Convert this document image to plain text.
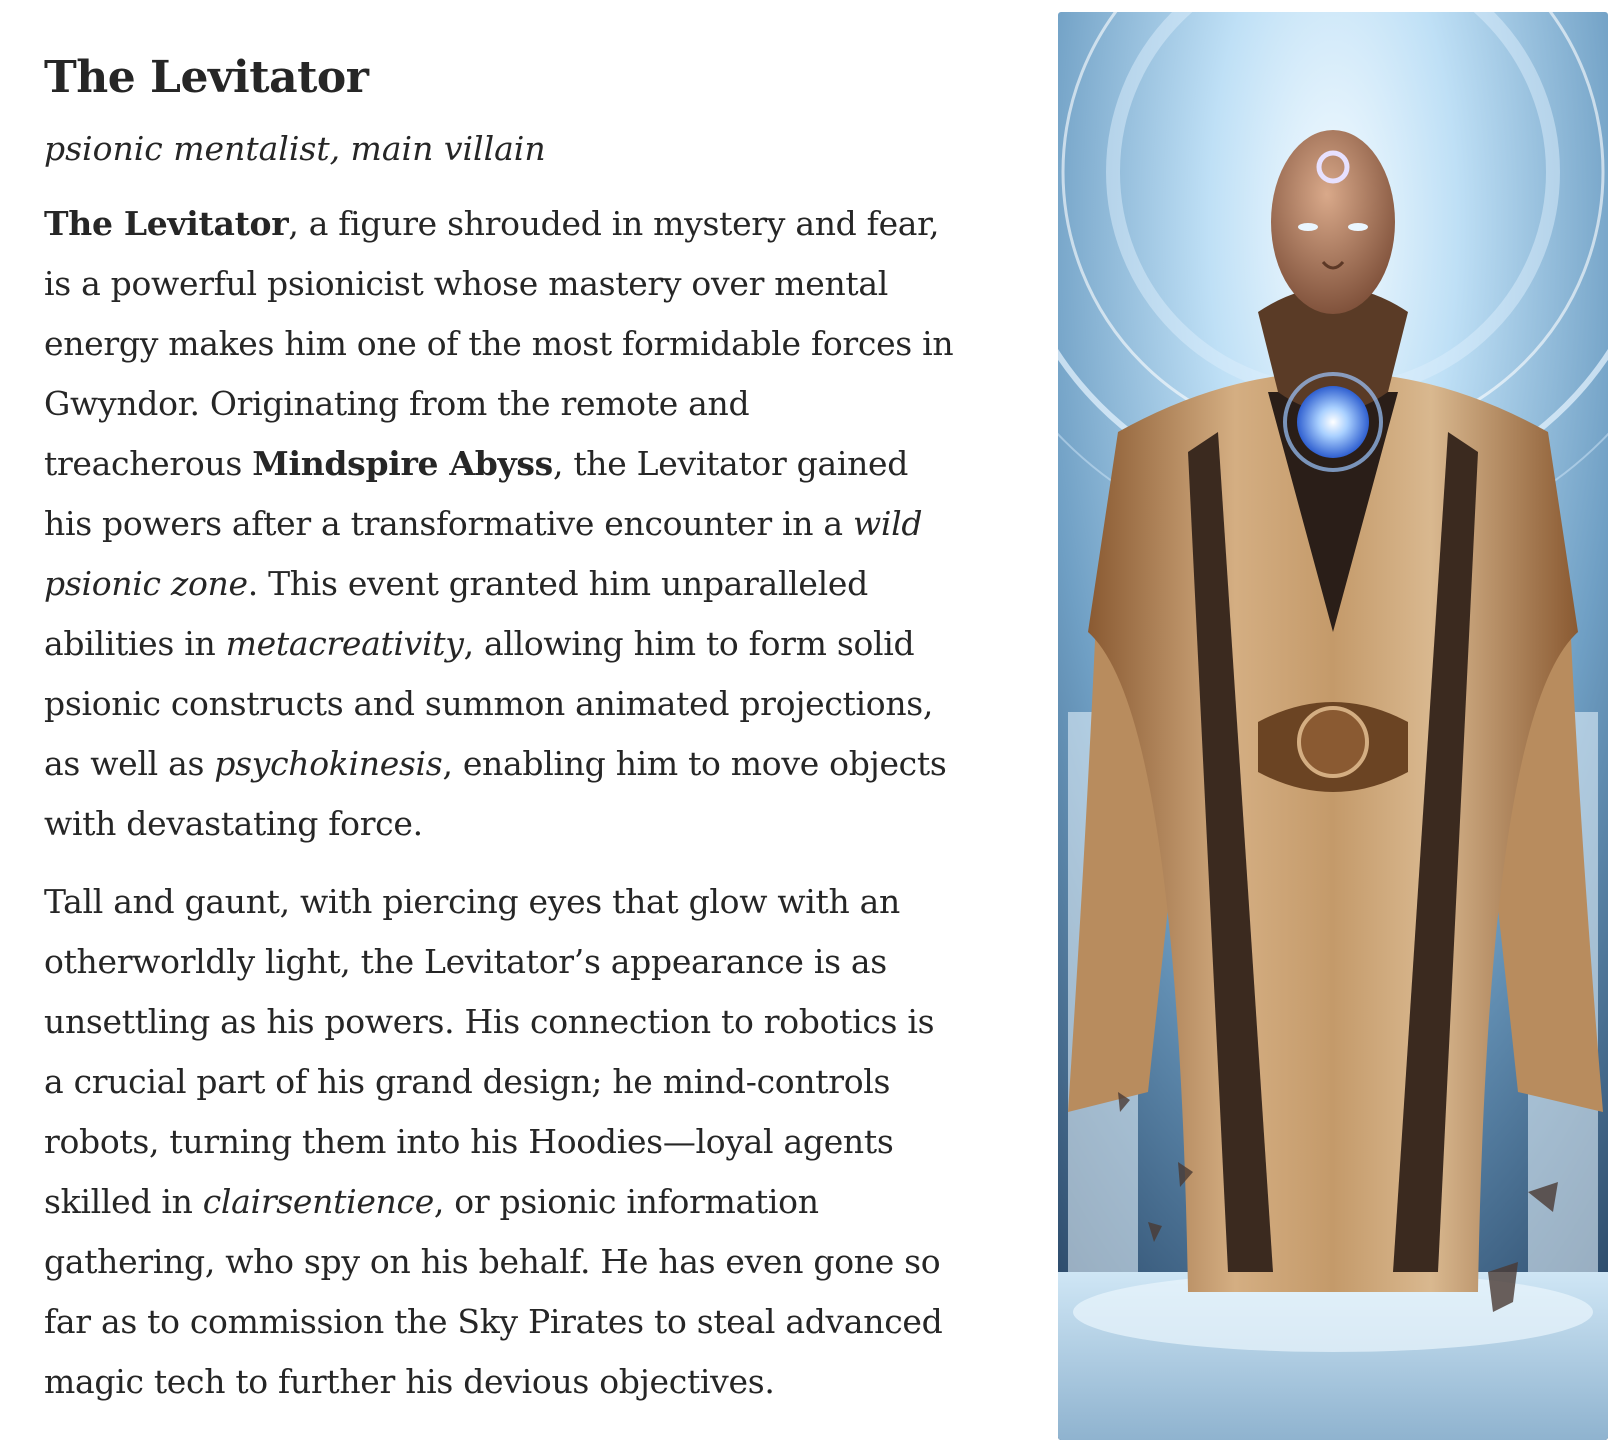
The Levitator

psionic mentalist, main villain

The Levitator, a figure shrouded in mystery and fear, is a powerful psionicist whose mastery over mental energy makes him one of the most formidable forces in Gwyndor. Originating from the remote and treacherous Mindspire Abyss, the Levitator gained his powers after a transformative encounter in a wild psionic zone. This event granted him unparalleled abilities in metacreativity, allowing him to form solid psionic constructs and summon animated projections, as well as psychokinesis, enabling him to move objects with devastating force.

Tall and gaunt, with piercing eyes that glow with an otherworldly light, the Levitator’s appearance is as unsettling as his powers. His connection to robotics is a crucial part of his grand design; he mind-controls robots, turning them into his Hoodies—loyal agents skilled in clairsentience, or psionic information gathering, who spy on his behalf. He has even gone so far as to commission the Sky Pirates to steal advanced magic tech to further his devious objectives.
